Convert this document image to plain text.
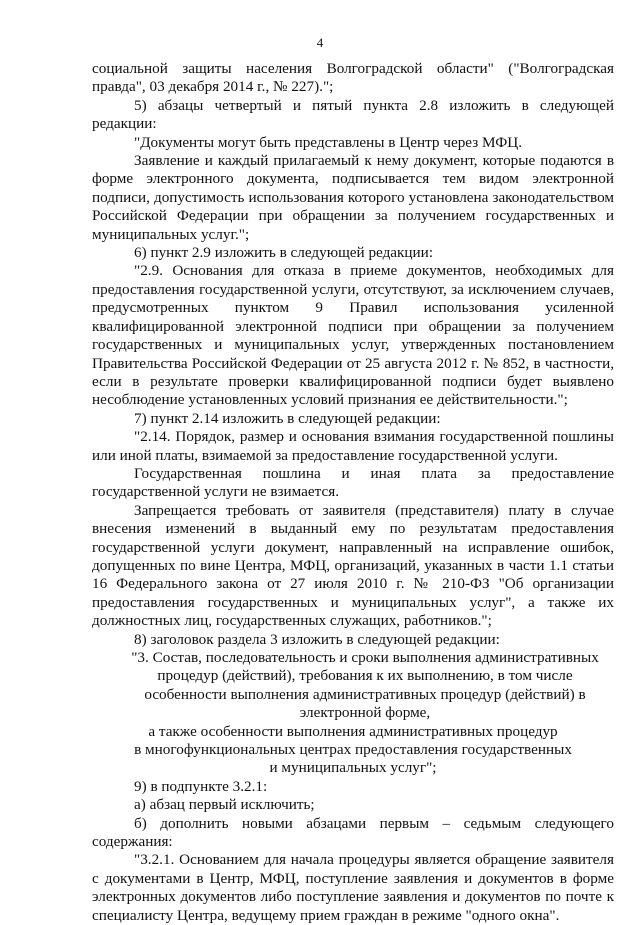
4

социальной защиты населения Волгоградской области" ("Волгоградская правда", 03 декабря 2014 г., № 227).";

5) абзацы четвертый и пятый пункта 2.8 изложить в следующей редакции:

"Документы могут быть представлены в Центр через МФЦ.

Заявление и каждый прилагаемый к нему документ, которые подаются в форме электронного документа, подписывается тем видом электронной подписи, допустимость использования которого установлена законодательством Российской Федерации при обращении за получением государственных и муниципальных услуг.";

6) пункт 2.9 изложить в следующей редакции:

"2.9. Основания для отказа в приеме документов, необходимых для предоставления государственной услуги, отсутствуют, за исключением случаев, предусмотренных пунктом 9 Правил использования усиленной квалифицированной электронной подписи при обращении за получением государственных и муниципальных услуг, утвержденных постановлением Правительства Российской Федерации от 25 августа 2012 г. № 852, в частности, если в результате проверки квалифицированной подписи будет выявлено несоблюдение установленных условий признания ее действительности.";

7) пункт 2.14 изложить в следующей редакции:

"2.14. Порядок, размер и основания взимания государственной пошлины или иной платы, взимаемой за предоставление государственной услуги.

Государственная пошлина и иная плата за предоставление государственной услуги не взимается.

Запрещается требовать от заявителя (представителя) плату в случае внесения изменений в выданный ему по результатам предоставления государственной услуги документ, направленный на исправление ошибок, допущенных по вине Центра, МФЦ, организаций, указанных в части 1.1 статьи 16 Федерального закона от 27 июля 2010 г. № 210-ФЗ "Об организации предоставления государственных и муниципальных услуг", а также их должностных лиц, государственных служащих, работников.";

8) заголовок раздела 3 изложить в следующей редакции:

"3. Состав, последовательность и сроки выполнения административных процедур (действий), требования к их выполнению, в том числе особенности выполнения административных процедур (действий) в электронной форме,

а также особенности выполнения административных процедур

в многофункциональных центрах предоставления государственных

и муниципальных услуг";

9) в подпункте 3.2.1:

а) абзац первый исключить;

б) дополнить новыми абзацами первым – седьмым следующего содержания:

"3.2.1. Основанием для начала процедуры является обращение заявителя с документами в Центр, МФЦ, поступление заявления и документов в форме электронных документов либо поступление заявления и документов по почте к специалисту Центра, ведущему прием граждан в режиме "одного окна".
